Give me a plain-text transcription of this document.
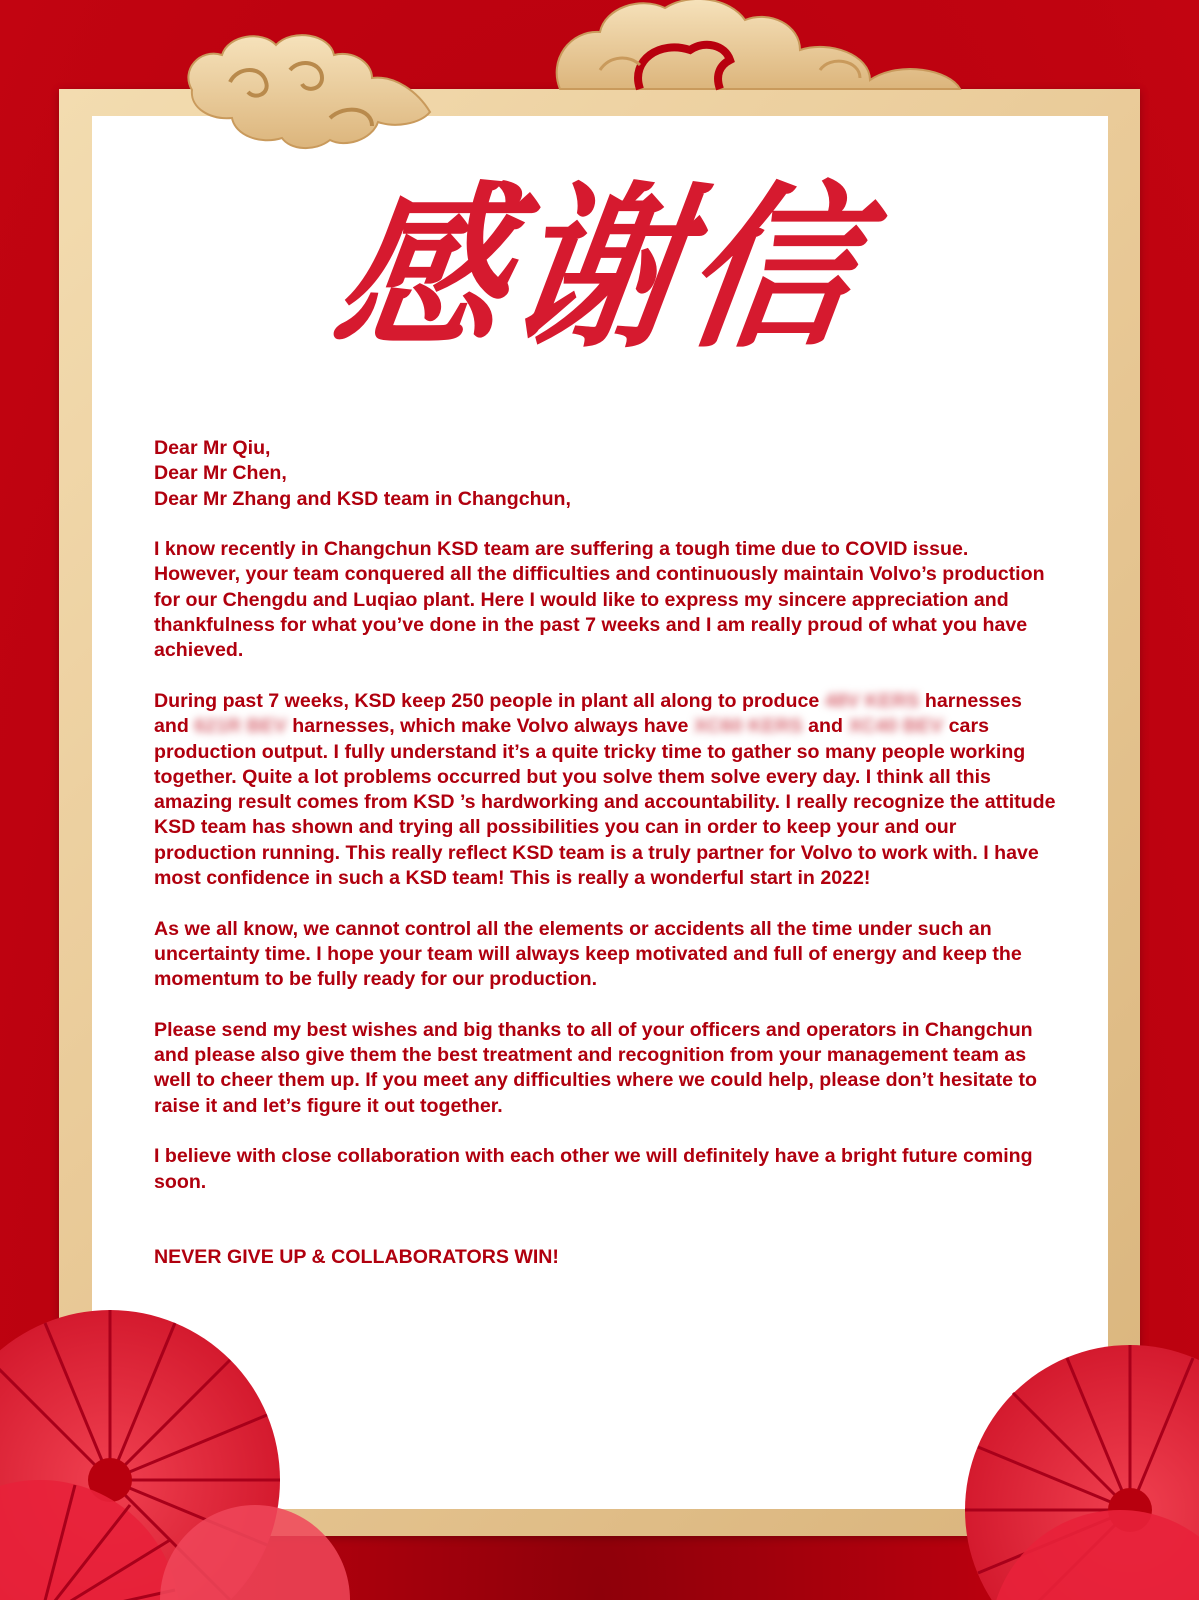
感谢信

Dear Mr Qiu,
Dear Mr Chen,
Dear Mr Zhang and KSD team in Changchun,

I know recently in Changchun KSD team are suffering a tough time due to COVID issue. However, your team conquered all the difficulties and continuously maintain Volvo’s production for our Chengdu and Luqiao plant. Here I would like to express my sincere appreciation and thankfulness for what you’ve done in the past 7 weeks and I am really proud of what you have achieved.

During past 7 weeks, KSD keep 250 people in plant all along to produce 48V KERS harnesses and 621R BEV harnesses, which make Volvo always have XC60 KERS and XC40 BEV cars production output. I fully understand it’s a quite tricky time to gather so many people working together. Quite a lot problems occurred but you solve them solve every day. I think all this amazing result comes from KSD ’s hardworking and accountability. I really recognize the attitude KSD team has shown and trying all possibilities you can in order to keep your and our production running. This really reflect KSD team is a truly partner for Volvo to work with. I have most confidence in such a KSD team! This is really a wonderful start in 2022!

As we all know, we cannot control all the elements or accidents all the time under such an uncertainty time. I hope your team will always keep motivated and full of energy and keep the momentum to be fully ready for our production.

Please send my best wishes and big thanks to all of your officers and operators in Changchun and please also give them the best treatment and recognition from your management team as well to cheer them up. If you meet any difficulties where we could help, please don’t hesitate to raise it and let’s figure it out together.

I believe with close collaboration with each other we will definitely have a bright future coming soon.

NEVER GIVE UP & COLLABORATORS WIN!
